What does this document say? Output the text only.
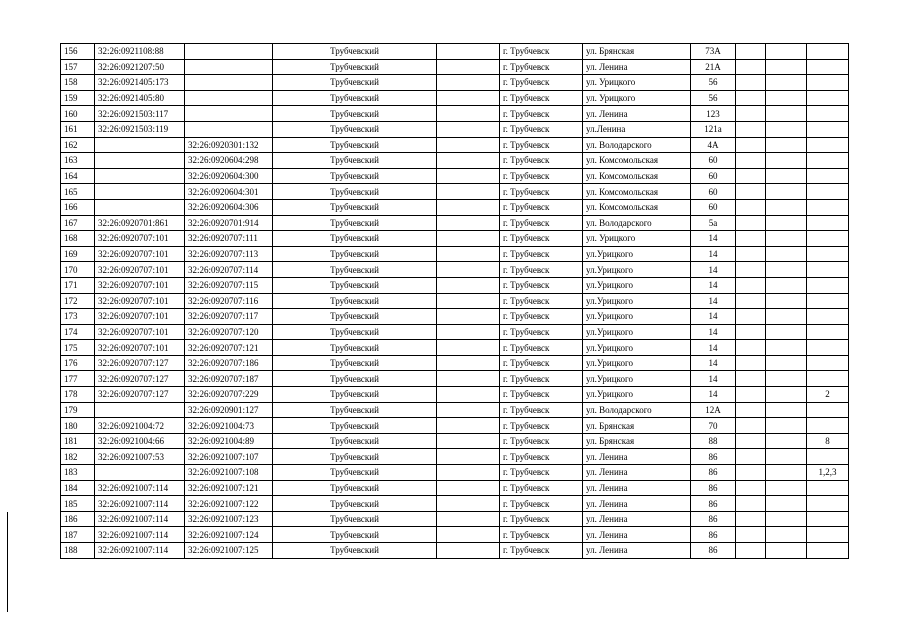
156	32:26:0921108:88		Трубчевский		г. Трубчевск	ул. Брянская	73А			
157	32:26:0921207:50		Трубчевский		г. Трубчевск	ул. Ленина	21А			
158	32:26:0921405:173		Трубчевский		г. Трубчевск	ул. Урицкого	56			
159	32:26:0921405:80		Трубчевский		г. Трубчевск	ул. Урицкого	56			
160	32:26:0921503:117		Трубчевский		г. Трубчевск	ул. Ленина	123			
161	32:26:0921503:119		Трубчевский		г. Трубчевск	ул.Ленина	121а			
162		32:26:0920301:132	Трубчевский		г. Трубчевск	ул. Володарского	4А			
163		32:26:0920604:298	Трубчевский		г. Трубчевск	ул. Комсомольская	60			
164		32:26:0920604:300	Трубчевский		г. Трубчевск	ул. Комсомольская	60			
165		32:26:0920604:301	Трубчевский		г. Трубчевск	ул. Комсомольская	60			
166		32:26:0920604:306	Трубчевский		г. Трубчевск	ул. Комсомольская	60			
167	32:26:0920701:861	32:26:0920701:914	Трубчевский		г. Трубчевск	ул. Володарского	5а			
168	32:26:0920707:101	32:26:0920707:111	Трубчевский		г. Трубчевск	ул. Урицкого	14			
169	32:26:0920707:101	32:26:0920707:113	Трубчевский		г. Трубчевск	ул.Урицкого	14			
170	32:26:0920707:101	32:26:0920707:114	Трубчевский		г. Трубчевск	ул.Урицкого	14			
171	32:26:0920707:101	32:26:0920707:115	Трубчевский		г. Трубчевск	ул.Урицкого	14			
172	32:26:0920707:101	32:26:0920707:116	Трубчевский		г. Трубчевск	ул.Урицкого	14			
173	32:26:0920707:101	32:26:0920707:117	Трубчевский		г. Трубчевск	ул.Урицкого	14			
174	32:26:0920707:101	32:26:0920707:120	Трубчевский		г. Трубчевск	ул.Урицкого	14			
175	32:26:0920707:101	32:26:0920707:121	Трубчевский		г. Трубчевск	ул.Урицкого	14			
176	32:26:0920707:127	32:26:0920707:186	Трубчевский		г. Трубчевск	ул.Урицкого	14			
177	32:26:0920707:127	32:26:0920707:187	Трубчевский		г. Трубчевск	ул.Урицкого	14			
178	32:26:0920707:127	32:26:0920707:229	Трубчевский		г. Трубчевск	ул.Урицкого	14			2
179		32:26:0920901:127	Трубчевский		г. Трубчевск	ул. Володарского	12А			
180	32:26:0921004:72	32:26:0921004:73	Трубчевский		г. Трубчевск	ул. Брянская	70			
181	32:26:0921004:66	32:26:0921004:89	Трубчевский		г. Трубчевск	ул. Брянская	88			8
182	32:26:0921007:53	32:26:0921007:107	Трубчевский		г. Трубчевск	ул. Ленина	86			
183		32:26:0921007:108	Трубчевский		г. Трубчевск	ул. Ленина	86			1,2,3
184	32:26:0921007:114	32:26:0921007:121	Трубчевский		г. Трубчевск	ул. Ленина	86			
185	32:26:0921007:114	32:26:0921007:122	Трубчевский		г. Трубчевск	ул. Ленина	86			
186	32:26:0921007:114	32:26:0921007:123	Трубчевский		г. Трубчевск	ул. Ленина	86			
187	32:26:0921007:114	32:26:0921007:124	Трубчевский		г. Трубчевск	ул. Ленина	86			
188	32:26:0921007:114	32:26:0921007:125	Трубчевский		г. Трубчевск	ул. Ленина	86			
